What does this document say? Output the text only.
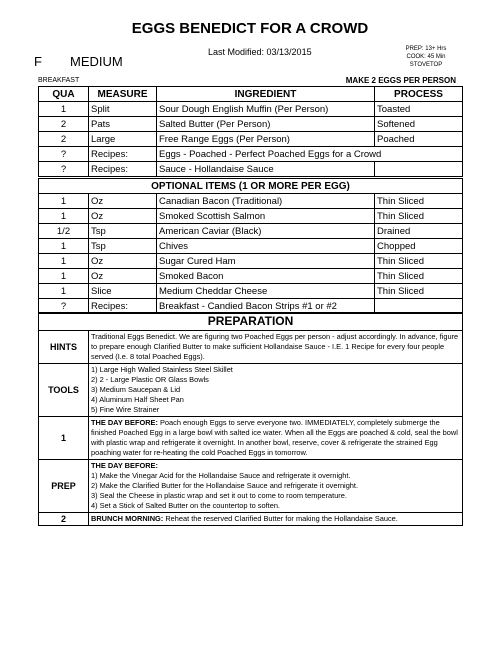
EGGS BENEDICT FOR A CROWD
F MEDIUM
Last Modified: 03/13/2015	PREP: 13+ Hrs
COOK: 45 Min
STOVETOP
BREAKFAST	MAKE 2 EGGS PER PERSON
QUA	MEASURE	INGREDIENT	PROCESS
1	Split	Sour Dough English Muffin (Per Person)	Toasted
2	Pats	Salted Butter (Per Person)	Softened
2	Large	Free Range Eggs (Per Person)	Poached
?	Recipes:	Eggs - Poached - Perfect Poached Eggs for a Crowd	
?	Recipes:	Sauce - Hollandaise Sauce	
OPTIONAL ITEMS (1 OR MORE PER EGG)			
1	Oz	Canadian Bacon (Traditional)	Thin Sliced
1	Oz	Smoked Scottish Salmon	Thin Sliced
1/2	Tsp	American Caviar (Black)	Drained
1	Tsp	Chives	Chopped
1	Oz	Sugar Cured Ham	Thin Sliced
1	Oz	Smoked Bacon	Thin Sliced
1	Slice	Medium Cheddar Cheese	Thin Sliced
?	Recipes:	Breakfast - Candied Bacon Strips #1 or #2	
PREPARATION	
HINTS	Traditional Eggs Benedict. We are figuring two Poached Eggs per person - adjust accordingly. In advance, figure to prepare enough Clarified Butter to make sufficient Hollandaise Sauce - I.E. 1 Recipe for every four people served (I.e. 8 total Poached Eggs).
TOOLS	1) Large High Walled Stainless Steel Skillet
2) 2 - Large Plastic OR Glass Bowls
3) Medium Saucepan & Lid
4) Aluminum Half Sheet Pan
5) Fine Wire Strainer

1	THE DAY BEFORE: Poach enough Eggs to serve everyone two. IMMEDIATELY, completely submerge the finished Poached Egg in a large bowl with salted ice water. When all the Eggs are poached & cold, seal the bowl with plastic wrap and refrigerate it overnight. In another bowl, reserve, cover & refrigerate the strained Egg poaching water for re-heating the cold Poached Eggs in tomorrow.
PREP	THE DAY BEFORE:
1) Make the Vinegar Acid for the Hollandaise Sauce and refrigerate it overnight.
2) Make the Clarified Butter for the Hollandaise Sauce and refrigerate it overnight.
3) Seal the Cheese in plastic wrap and set it out to come to room temperature.
4) Set a Stick of Salted Butter on the countertop to soften.

2	BRUNCH MORNING: Reheat the reserved Clarified Butter for making the Hollandaise Sauce.
